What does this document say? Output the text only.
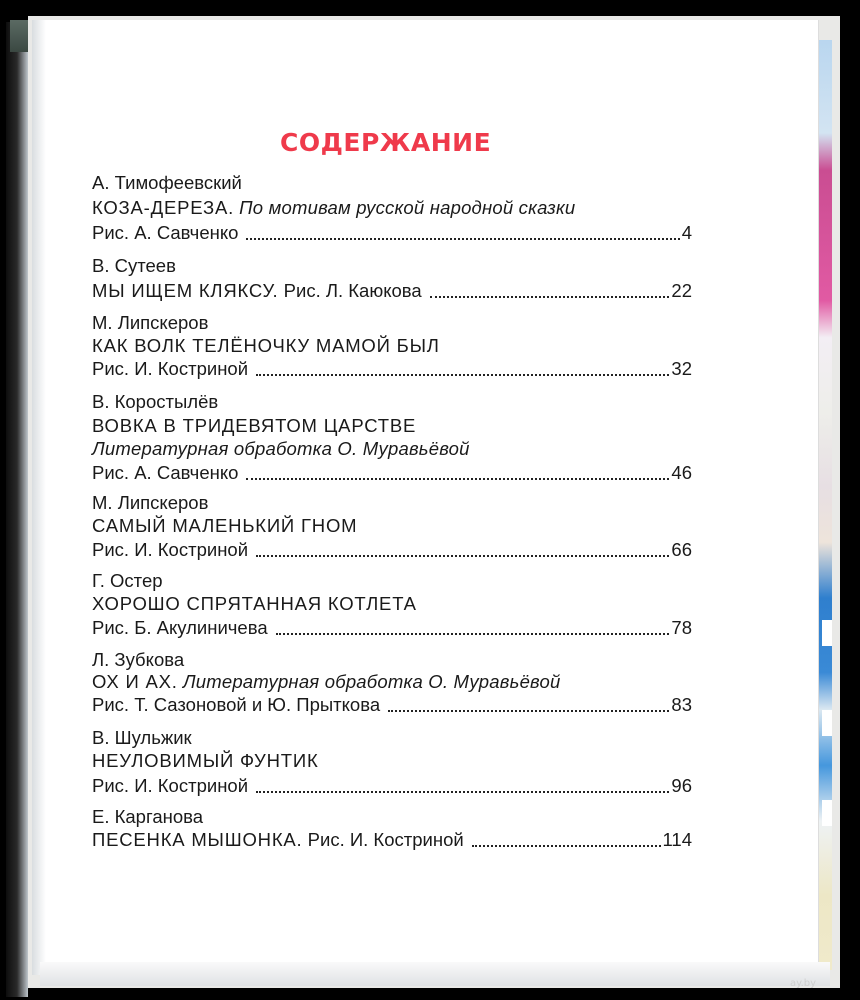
ay.by
СОДЕРЖАНИЕ
А. Тимофеевский
КОЗА-ДЕРЕЗА. По мотивам русской народной сказки
Рис. А. Савченко	4
В. Сутеев
МЫ ИЩЕМ КЛЯКСУ.
Рис. Л. Каюкова	22
М. Липскеров
КАК ВОЛК ТЕЛЁНОЧКУ МАМОЙ БЫЛ
Рис. И. Костриной	32
В. Коростылёв
ВОВКА В ТРИДЕВЯТОМ ЦАРСТВЕ
Литературная обработка О. Муравьёвой
Рис. А. Савченко	46
М. Липскеров
САМЫЙ МАЛЕНЬКИЙ ГНОМ
Рис. И. Костриной	66
Г. Остер
ХОРОШО СПРЯТАННАЯ КОТЛЕТА
Рис. Б. Акулиничева	78
Л. Зубкова
ОХ И АХ. Литературная обработка О. Муравьёвой
Рис. Т. Сазоновой и Ю. Прыткова	83
В. Шульжик
НЕУЛОВИМЫЙ ФУНТИК
Рис. И. Костриной	96
Е. Карганова
ПЕСЕНКА МЫШОНКА.
Рис. И. Костриной	114
